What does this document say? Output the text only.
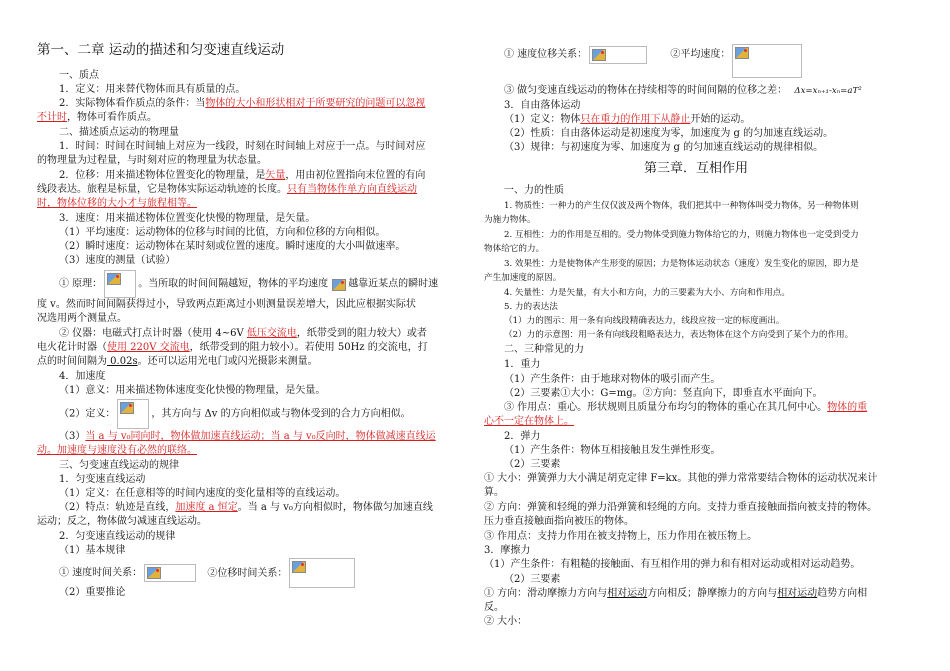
第一、二章 运动的描述和匀变速直线运动
一、质点
1．定义：用来替代物体而具有质量的点。
2．实际物体看作质点的条件：当物体的大小和形状相对于所要研究的问题可以忽视
不计时，物体可看作质点。
二、描述质点运动的物理量
1．时间：时间在时间轴上对应为一线段，时刻在时间轴上对应于一点。与时间对应
的物理量为过程量，与时刻对应的物理量为状态量。
2．位移：用来描述物体位置变化的物理量，是矢量，用由初位置指向末位置的有向
线段表达。旅程是标量，它是物体实际运动轨迹的长度。只有当物体作单方向直线运动
时，物体位移的大小才与旅程相等。
3．速度：用来描述物体位置变化快慢的物理量，是矢量。
（1）平均速度：运动物体的位移与时间的比值，方向和位移的方向相似。
（2）瞬时速度：运动物体在某时刻或位置的速度。瞬时速度的大小叫做速率。
（3）速度的测量（试验）
① 原理：	。当所取的时间间隔越短，物体的平均速度 越靠近某点的瞬时速
度 v。然而时间间隔获得过小，导致两点距离过小则测量误差增大，因此应根据实际状
况选用两个测量点。
② 仪器：电磁式打点计时器（使用 4~6V 低压交流电，纸带受到的阻力较大）或者
电火花计时器（使用 220V 交流电，纸带受到的阻力较小）。若使用 50Hz 的交流电，打
点的时间间隔为 0.02s。还可以运用光电门或闪光摄影来测量。
4．加速度
（1）意义：用来描述物体速度变化快慢的物理量，是矢量。
（2）定义：	，其方向与 Δv 的方向相似或与物体受到的合力方向相似。
（3）当 a 与 v₀同向时，物体做加速直线运动；当 a 与 v₀反向时，物体做减速直线运
动。加速度与速度没有必然的联络。
三、匀变速直线运动的规律
1．匀变速直线运动
（1）定义：在任意相等的时间内速度的变化量相等的直线运动。
（2）特点：轨迹是直线，加速度 a 恒定。当 a 与 v₀方向相似时，物体做匀加速直线
运动；反之，物体做匀减速直线运动。
2．匀变速直线运动的规律
（1）基本规律
① 速度时间关系：	②位移时间关系：
（2）重要推论
① 速度位移关系：	②平均速度：
③ 做匀变速直线运动的物体在持续相等的时间间隔的位移之差： Δx=xₙ₊₁-xₙ=aT²
3．自由落体运动
（1）定义：物体只在重力的作用下从静止开始的运动。
（2）性质：自由落体运动是初速度为零，加速度为 g 的匀加速直线运动。
（3）规律：与初速度为零、加速度为 g 的匀加速直线运动的规律相似。
第三章．互相作用
一、力的性质
1. 物质性：一种力的产生仅仅波及两个物体，我们把其中一种物体叫受力物体，另一种物体则
为施力物体。
2. 互相性：力的作用是互相的。受力物体受到施力物体给它的力，则施力物体也一定受到受力
物体给它的力。
3. 效果性：力是使物体产生形变的原因；力是物体运动状态（速度）发生变化的原因，即力是
产生加速度的原因。
4. 矢量性：力是矢量，有大小和方向，力的三要素为大小、方向和作用点。
5. 力的表达法
（1）力的图示：用一条有向线段精确表达力，线段应按一定的标度画出。
（2）力的示意图：用一条有向线段粗略表达力，表达物体在这个方向受到了某个力的作用。
二、三种常见的力
1．重力
（1）产生条件：由于地球对物体的吸引而产生。
（2）三要素①大小：G=mg。②方向：竖直向下，即垂直水平面向下。
③ 作用点：重心。形状规则且质量分布均匀的物体的重心在其几何中心。物体的重
心不一定在物体上。
2．弹力
（1）产生条件：物体互相接触且发生弹性形变。
（2）三要素
① 大小：弹簧弹力大小满足胡克定律 F=kx。其他的弹力常常要结合物体的运动状况来计
算。
② 方向：弹簧和轻绳的弹力沿弹簧和轻绳的方向。支持力垂直接触面指向被支持的物体。
压力垂直接触面指向被压的物体。
③ 作用点：支持力作用在被支持物上，压力作用在被压物上。
3．摩擦力
（1）产生条件：有粗糙的接触面、有互相作用的弹力和有相对运动或相对运动趋势。
（2）三要素
① 方向：滑动摩擦力方向与相对运动方向相反；静摩擦力的方向与相对运动趋势方向相
反。
② 大小：
